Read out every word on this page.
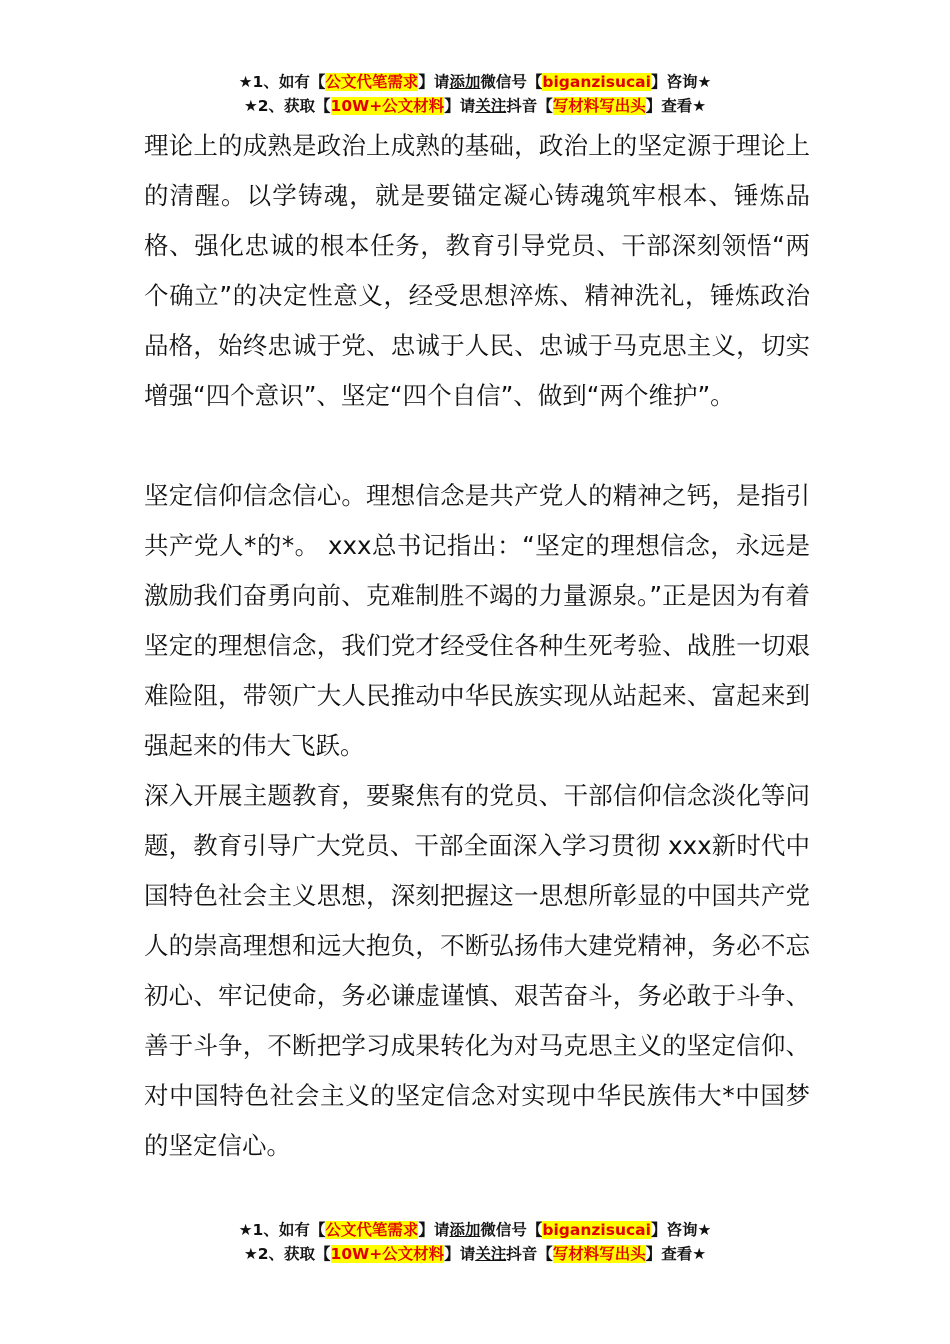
★1、如有【公文代笔需求】请添加微信号【biganzisucai】咨询★
★2、获取【10W+公文材料】请关注抖音【写材料写出头】查看★

理论上的成熟是政治上成熟的基础，政治上的坚定源于理论上的清醒。以学铸魂，就是要锚定凝心铸魂筑牢根本、锤炼品格、强化忠诚的根本任务，教育引导党员、干部深刻领悟“两个确立”的决定性意义，经受思想淬炼、精神洗礼，锤炼政治品格，始终忠诚于党、忠诚于人民、忠诚于马克思主义，切实增强“四个意识”、坚定“四个自信”、做到“两个维护”。

坚定信仰信念信心。理想信念是共产党人的精神之钙，是指引共产党人*的*。 xxx总书记指出：“坚定的理想信念，永远是激励我们奋勇向前、克难制胜不竭的力量源泉。”正是因为有着坚定的理想信念，我们党才经受住各种生死考验、战胜一切艰难险阻，带领广大人民推动中华民族实现从站起来、富起来到强起来的伟大飞跃。

深入开展主题教育，要聚焦有的党员、干部信仰信念淡化等问题，教育引导广大党员、干部全面深入学习贯彻 xxx新时代中国特色社会主义思想，深刻把握这一思想所彰显的中国共产党人的崇高理想和远大抱负，不断弘扬伟大建党精神，务必不忘初心、牢记使命，务必谦虚谨慎、艰苦奋斗，务必敢于斗争、善于斗争，不断把学习成果转化为对马克思主义的坚定信仰、对中国特色社会主义的坚定信念对实现中华民族伟大*中国梦的坚定信心。

★1、如有【公文代笔需求】请添加微信号【biganzisucai】咨询★
★2、获取【10W+公文材料】请关注抖音【写材料写出头】查看★
